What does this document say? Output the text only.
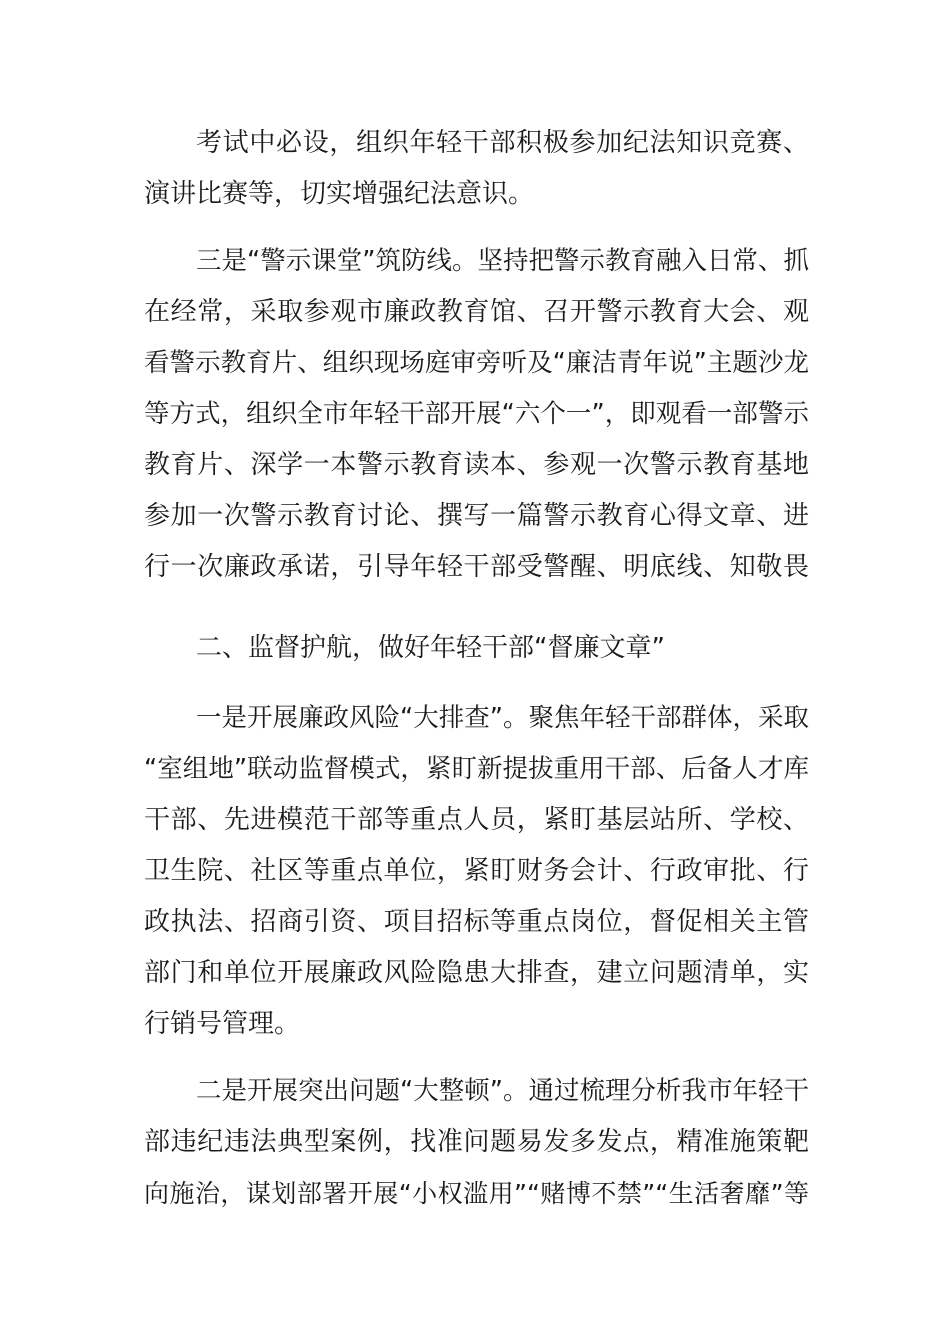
考试中必设，组织年轻干部积极参加纪法知识竞赛、
演讲比赛等，切实增强纪法意识。
三是“警示课堂”筑防线。坚持把警示教育融入日常、抓
在经常，采取参观市廉政教育馆、召开警示教育大会、观
看警示教育片、组织现场庭审旁听及“廉洁青年说”主题沙龙
等方式，组织全市年轻干部开展“六个一”，即观看一部警示
教育片、深学一本警示教育读本、参观一次警示教育基地
参加一次警示教育讨论、撰写一篇警示教育心得文章、进
行一次廉政承诺，引导年轻干部受警醒、明底线、知敬畏
二、监督护航，做好年轻干部“督廉文章”
一是开展廉政风险“大排查”。聚焦年轻干部群体，采取
“室组地”联动监督模式，紧盯新提拔重用干部、后备人才库
干部、先进模范干部等重点人员，紧盯基层站所、学校、
卫生院、社区等重点单位，紧盯财务会计、行政审批、行
政执法、招商引资、项目招标等重点岗位，督促相关主管
部门和单位开展廉政风险隐患大排查，建立问题清单，实
行销号管理。
二是开展突出问题“大整顿”。通过梳理分析我市年轻干
部违纪违法典型案例，找准问题易发多发点，精准施策靶
向施治，谋划部署开展“小权滥用”“赌博不禁”“生活奢靡”等
